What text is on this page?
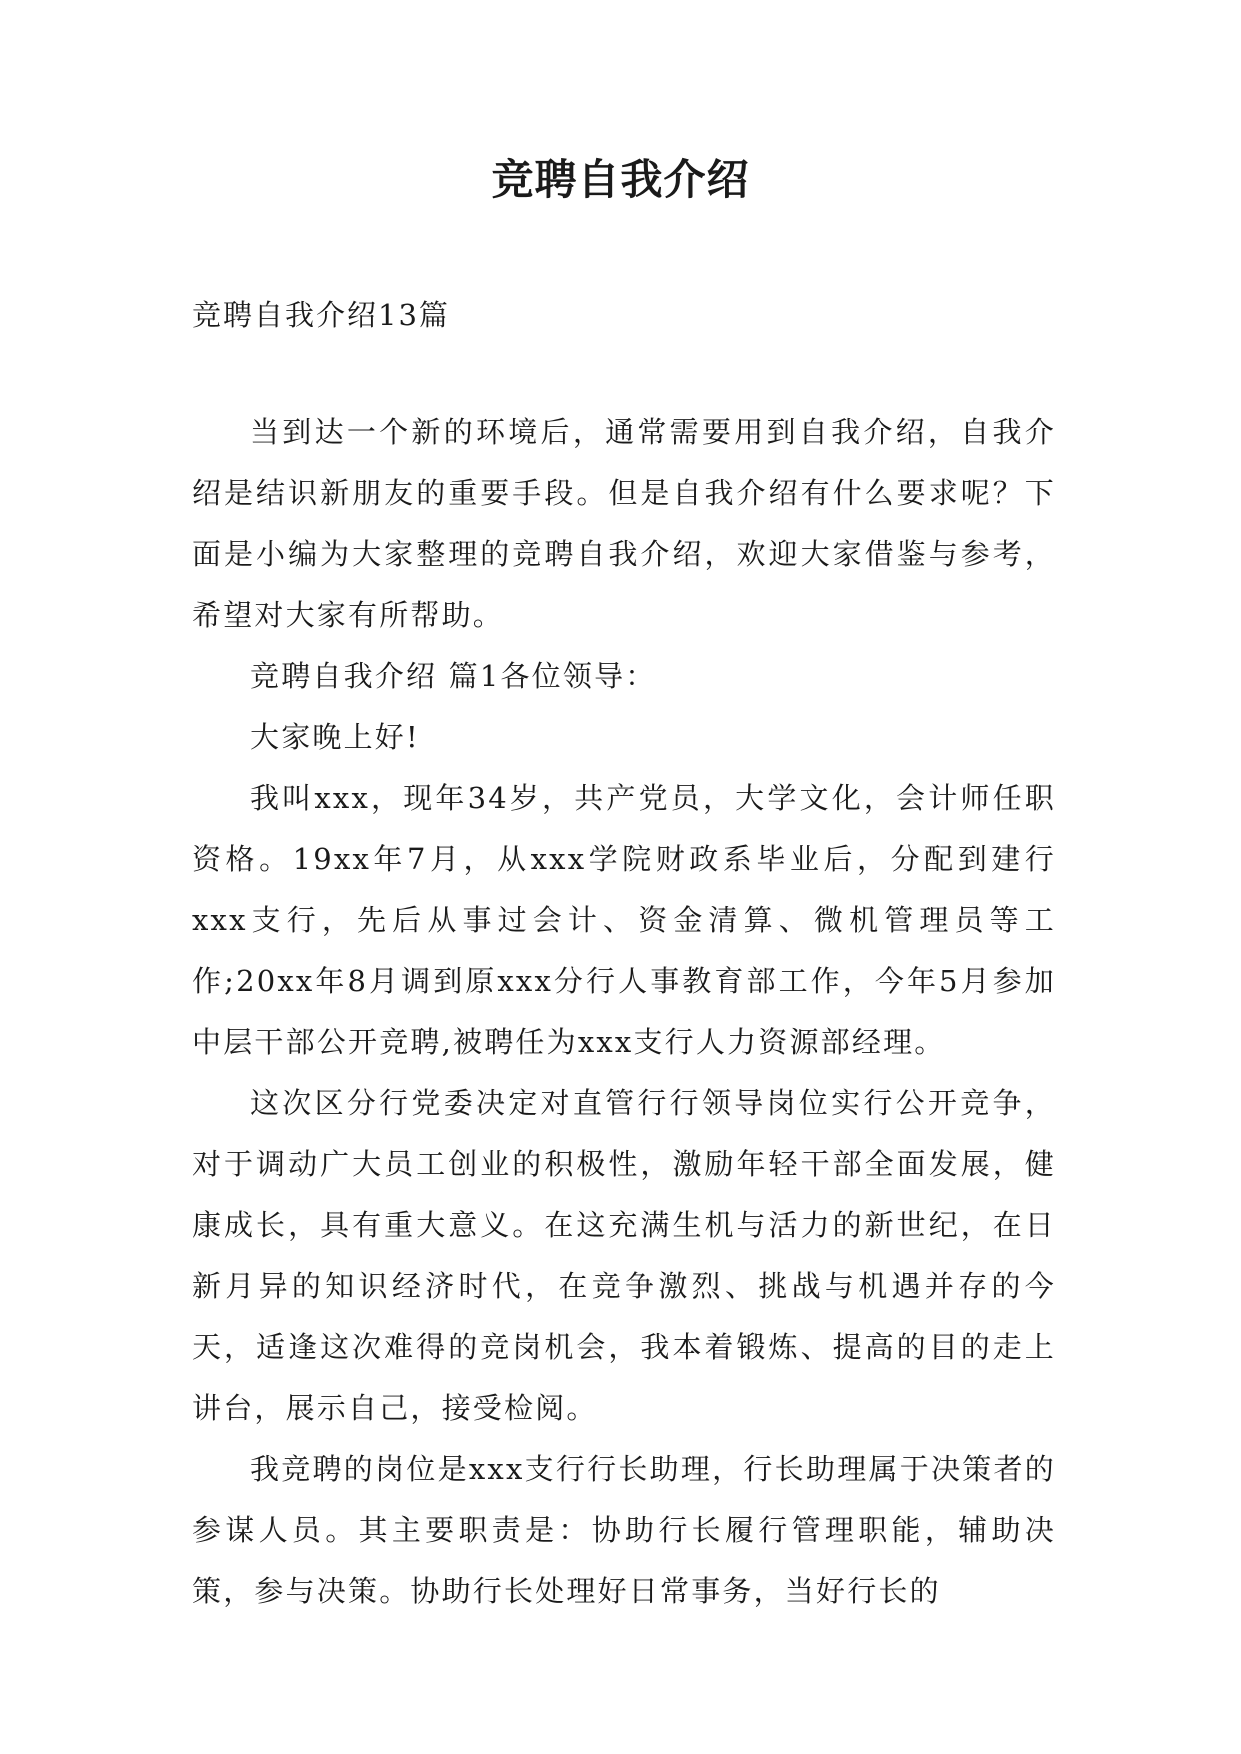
竞聘自我介绍

竞聘自我介绍13篇

当到达一个新的环境后，通常需要用到自我介绍，自我介绍是结识新朋友的重要手段。但是自我介绍有什么要求呢？下面是小编为大家整理的竞聘自我介绍，欢迎大家借鉴与参考，希望对大家有所帮助。

竞聘自我介绍 篇1各位领导：

大家晚上好!

我叫xxx，现年34岁，共产党员，大学文化，会计师任职资格。19xx年7月，从xxx学院财政系毕业后，分配到建行xxx支行，先后从事过会计、资金清算、微机管理员等工作;20xx年8月调到原xxx分行人事教育部工作，今年5月参加中层干部公开竞聘,被聘任为xxx支行人力资源部经理。

这次区分行党委决定对直管行行领导岗位实行公开竞争，对于调动广大员工创业的积极性，激励年轻干部全面发展，健康成长，具有重大意义。在这充满生机与活力的新世纪，在日新月异的知识经济时代，在竞争激烈、挑战与机遇并存的今天，适逢这次难得的竞岗机会，我本着锻炼、提高的目的走上讲台，展示自己，接受检阅。

我竞聘的岗位是xxx支行行长助理，行长助理属于决策者的参谋人员。其主要职责是：协助行长履行管理职能，辅助决策，参与决策。协助行长处理好日常事务，当好行长的
